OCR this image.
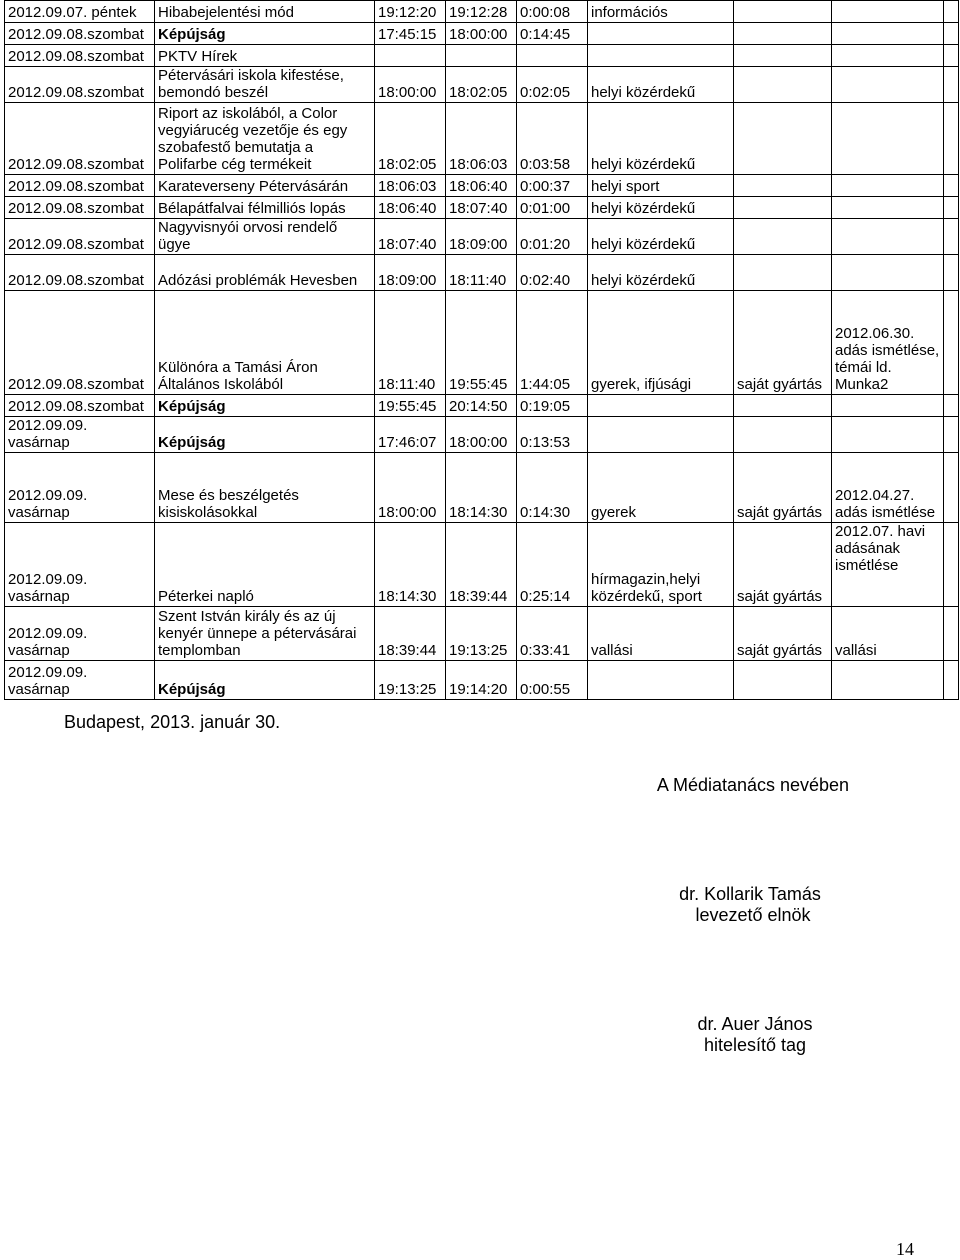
2012.09.07. péntek	Hibabejelentési mód	19:12:20	19:12:28	0:00:08	információs			
2012.09.08.szombat	Képújság	17:45:15	18:00:00	0:14:45				
2012.09.08.szombat	PKTV Hírek							
2012.09.08.szombat	Pétervásári iskola kifestése, bemondó beszél	18:00:00	18:02:05	0:02:05	helyi közérdekű			
2012.09.08.szombat	Riport az iskolából, a Color vegyiárucég vezetője és egy szobafestő bemutatja a Polifarbe cég termékeit	18:02:05	18:06:03	0:03:58	helyi közérdekű			
2012.09.08.szombat	Karateverseny Pétervásárán	18:06:03	18:06:40	0:00:37	helyi sport			
2012.09.08.szombat	Bélapátfalvai félmilliós lopás	18:06:40	18:07:40	0:01:00	helyi közérdekű			
2012.09.08.szombat	Nagyvisnyói orvosi rendelő ügye	18:07:40	18:09:00	0:01:20	helyi közérdekű			
2012.09.08.szombat	Adózási problémák Hevesben	18:09:00	18:11:40	0:02:40	helyi közérdekű			
2012.09.08.szombat	Különóra a Tamási Áron Általános Iskolából	18:11:40	19:55:45	1:44:05	gyerek, ifjúsági	saját gyártás	2012.06.30. adás ismétlése, témái ld. Munka2	
2012.09.08.szombat	Képújság	19:55:45	20:14:50	0:19:05				
2012.09.09. vasárnap	Képújság	17:46:07	18:00:00	0:13:53				
2012.09.09. vasárnap	Mese és beszélgetés kisiskolásokkal	18:00:00	18:14:30	0:14:30	gyerek	saját gyártás	2012.04.27. adás ismétlése	
2012.09.09. vasárnap	Péterkei napló	18:14:30	18:39:44	0:25:14	hírmagazin,helyi közérdekű, sport	saját gyártás	2012.07. havi adásának ismétlése	
2012.09.09. vasárnap	Szent István király és az új kenyér ünnepe a pétervásárai templomban	18:39:44	19:13:25	0:33:41	vallási	saját gyártás	vallási	
2012.09.09. vasárnap	Képújság	19:13:25	19:14:20	0:00:55				
Budapest, 2013. január 30.
A Médiatanács nevében
dr. Kollarik Tamás
levezető elnök
dr. Auer János
hitelesítő tag
14
